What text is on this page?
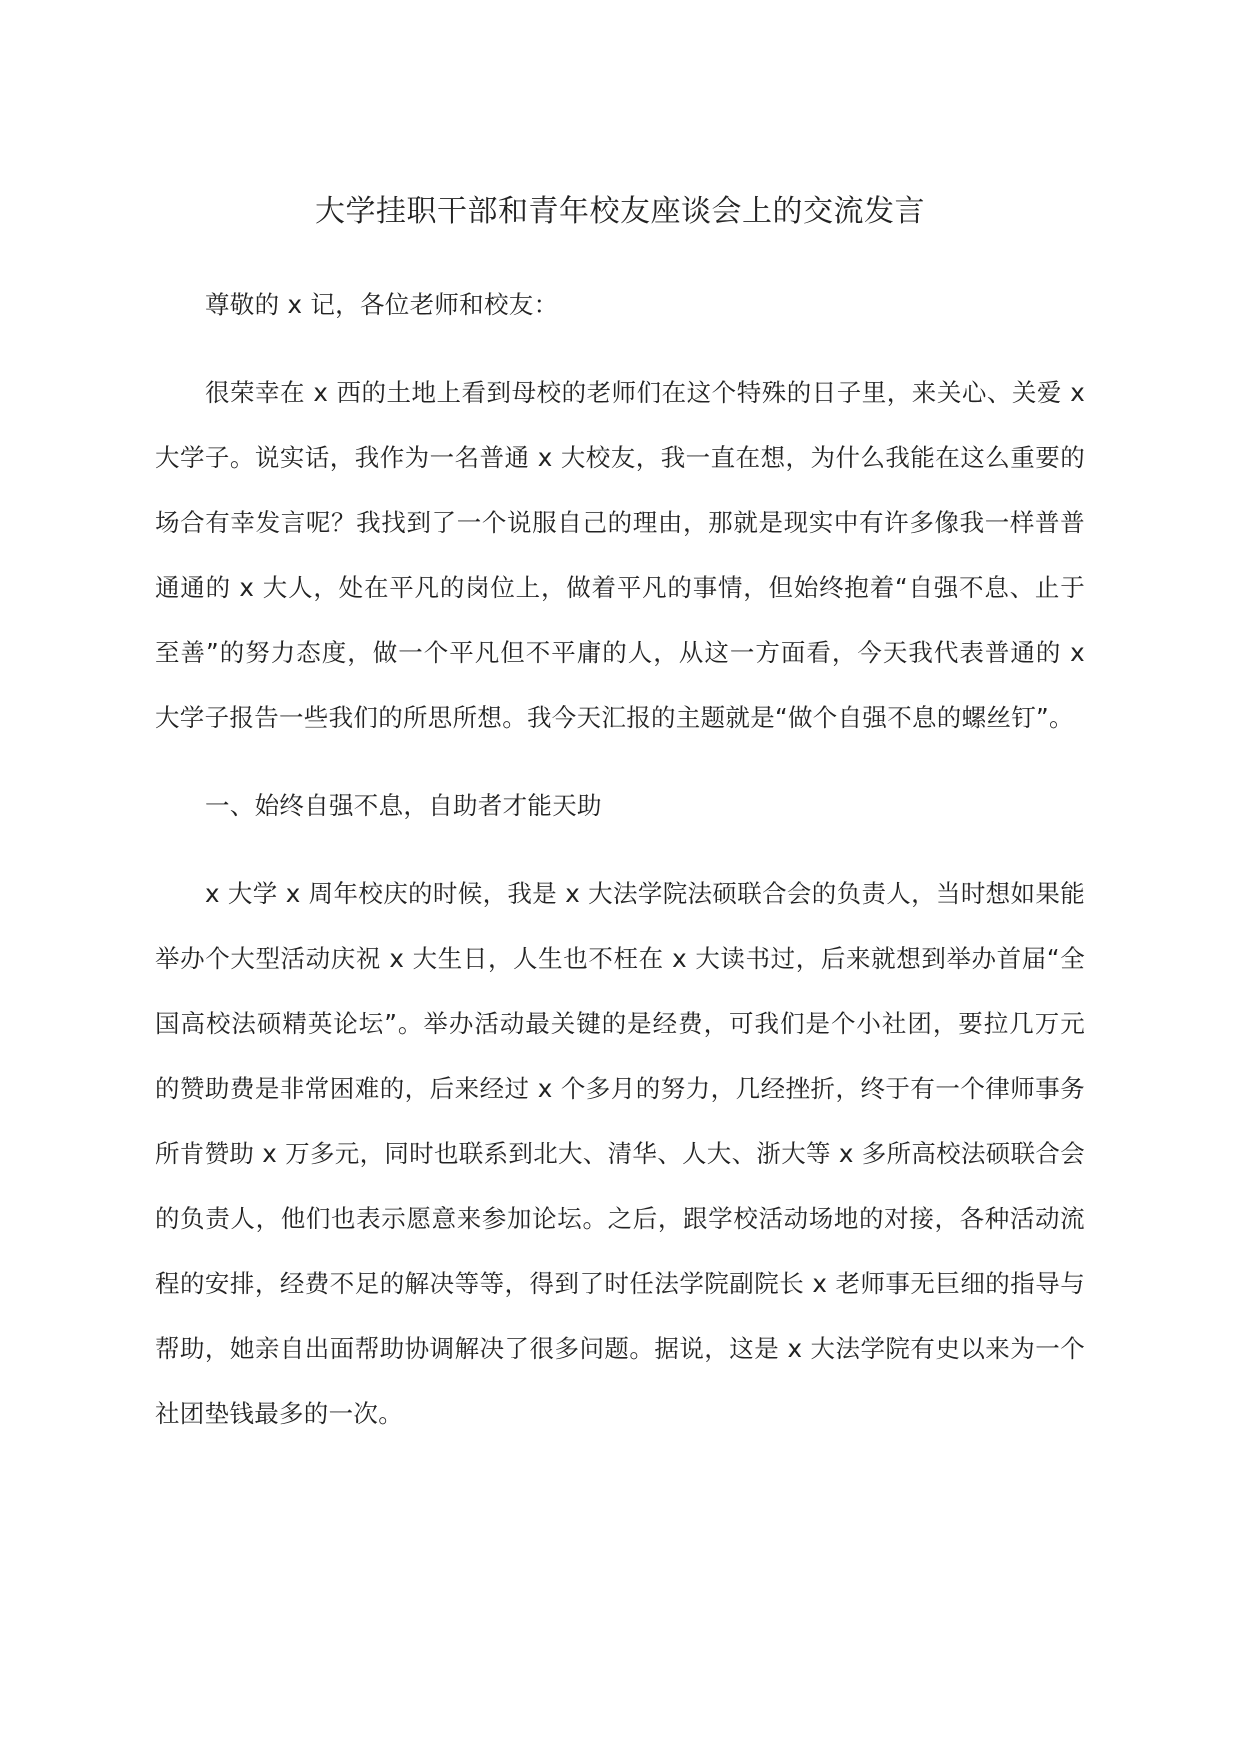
大学挂职干部和青年校友座谈会上的交流发言

尊敬的 x 记，各位老师和校友：

很荣幸在 x 西的土地上看到母校的老师们在这个特殊的日子里，来关心、关爱 x 大学子。说实话，我作为一名普通 x 大校友，我一直在想，为什么我能在这么重要的场合有幸发言呢？我找到了一个说服自己的理由，那就是现实中有许多像我一样普普通通的 x 大人，处在平凡的岗位上，做着平凡的事情，但始终抱着“自强不息、止于至善”的努力态度，做一个平凡但不平庸的人，从这一方面看，今天我代表普通的 x 大学子报告一些我们的所思所想。我今天汇报的主题就是“做个自强不息的螺丝钉”。

一、始终自强不息，自助者才能天助

x 大学 x 周年校庆的时候，我是 x 大法学院法硕联合会的负责人，当时想如果能举办个大型活动庆祝 x 大生日，人生也不枉在 x 大读书过，后来就想到举办首届“全国高校法硕精英论坛”。举办活动最关键的是经费，可我们是个小社团，要拉几万元的赞助费是非常困难的，后来经过 x 个多月的努力，几经挫折，终于有一个律师事务所肯赞助 x 万多元，同时也联系到北大、清华、人大、浙大等 x 多所高校法硕联合会的负责人，他们也表示愿意来参加论坛。之后，跟学校活动场地的对接，各种活动流程的安排，经费不足的解决等等，得到了时任法学院副院长 x 老师事无巨细的指导与帮助，她亲自出面帮助协调解决了很多问题。据说，这是 x 大法学院有史以来为一个社团垫钱最多的一次。
